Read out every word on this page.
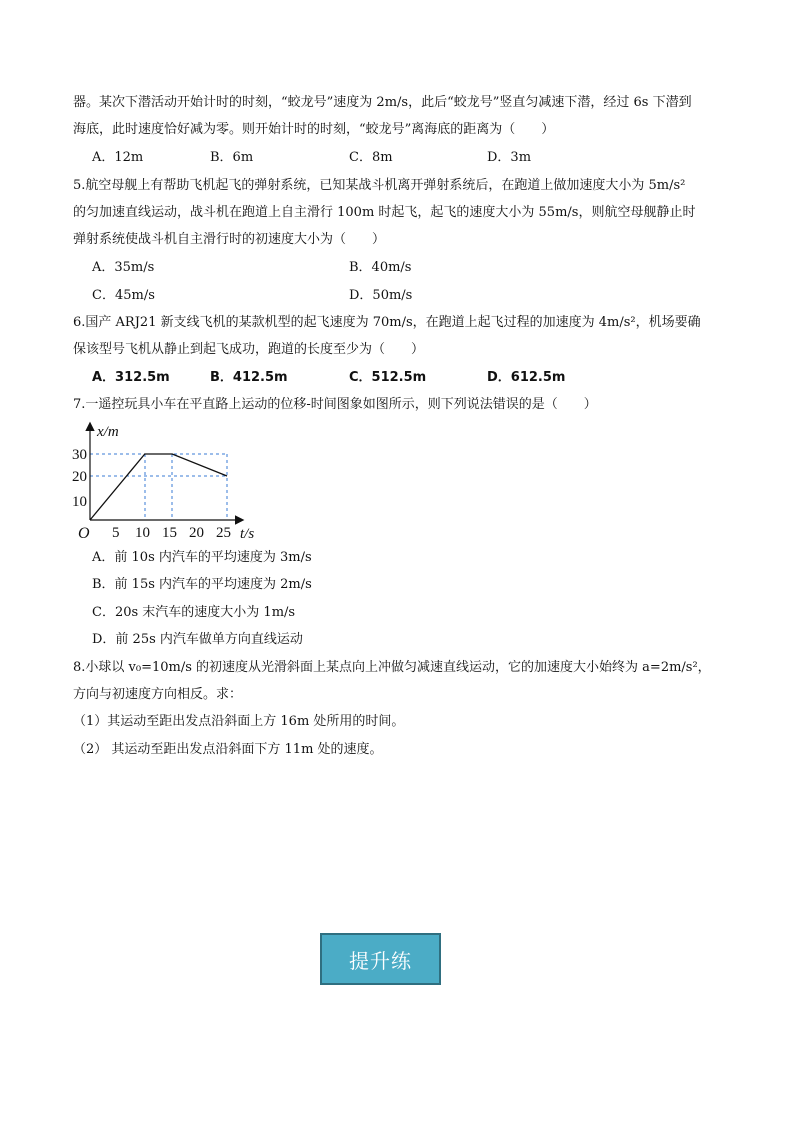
器。某次下潜活动开始计时的时刻，“蛟龙号”速度为 2m/s，此后“蛟龙号”竖直匀减速下潜，经过 6s 下潜到
海底，此时速度恰好减为零。则开始计时的时刻，“蛟龙号”离海底的距离为（　　）
A．12m	B．6m	C．8m	D．3m
5.航空母舰上有帮助飞机起飞的弹射系统，已知某战斗机离开弹射系统后，在跑道上做加速度大小为 5m/s²
的匀加速直线运动，战斗机在跑道上自主滑行 100m 时起飞，起飞的速度大小为 55m/s，则航空母舰静止时
弹射系统使战斗机自主滑行时的初速度大小为（　　）
A．35m/s	B．40m/s
C．45m/s	D．50m/s
6.国产 ARJ21 新支线飞机的某款机型的起飞速度为 70m/s，在跑道上起飞过程的加速度为 4m/s²，机场要确
保该型号飞机从静止到起飞成功，跑道的长度至少为（　　）
A．312.5m	B．412.5m	C．512.5m	D．612.5m
7.一遥控玩具小车在平直路上运动的位移-时间图象如图所示，则下列说法错误的是（　　）
x/m
t/s
O
10
20
30
5 10 15 20 25
A．前 10s 内汽车的平均速度为 3m/s
B．前 15s 内汽车的平均速度为 2m/s
C．20s 末汽车的速度大小为 1m/s
D．前 25s 内汽车做单方向直线运动
8.小球以 v₀=10m/s 的初速度从光滑斜面上某点向上冲做匀减速直线运动，它的加速度大小始终为 a=2m/s²，
方向与初速度方向相反。求：
（1）其运动至距出发点沿斜面上方 16m 处所用的时间。
（2） 其运动至距出发点沿斜面下方 11m 处的速度。
提升练
